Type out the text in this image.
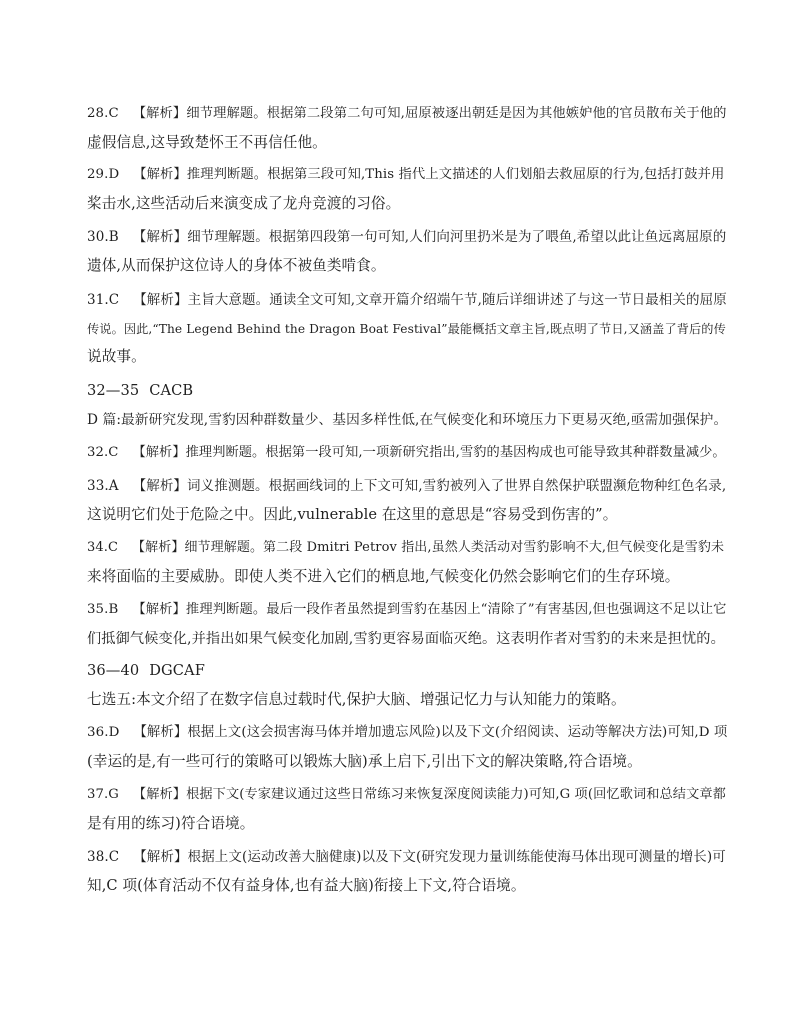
28.C 【解析】细节理解题。根据第二段第二句可知,屈原被逐出朝廷是因为其他嫉妒他的官员散布关于他的
虚假信息,这导致楚怀王不再信任他。
29.D 【解析】推理判断题。根据第三段可知,This 指代上文描述的人们划船去救屈原的行为,包括打鼓并用
桨击水,这些活动后来演变成了龙舟竞渡的习俗。
30.B 【解析】细节理解题。根据第四段第一句可知,人们向河里扔米是为了喂鱼,希望以此让鱼远离屈原的
遗体,从而保护这位诗人的身体不被鱼类啃食。
31.C 【解析】主旨大意题。通读全文可知,文章开篇介绍端午节,随后详细讲述了与这一节日最相关的屈原
传说。因此,“The Legend Behind the Dragon Boat Festival”最能概括文章主旨,既点明了节日,又涵盖了背后的传
说故事。
32—35 CACB
D 篇:最新研究发现,雪豹因种群数量少、基因多样性低,在气候变化和环境压力下更易灭绝,亟需加强保护。
32.C 【解析】推理判断题。根据第一段可知,一项新研究指出,雪豹的基因构成也可能导致其种群数量减少。
33.A 【解析】词义推测题。根据画线词的上下文可知,雪豹被列入了世界自然保护联盟濒危物种红色名录,
这说明它们处于危险之中。因此,vulnerable 在这里的意思是“容易受到伤害的”。
34.C 【解析】细节理解题。第二段 Dmitri Petrov 指出,虽然人类活动对雪豹影响不大,但气候变化是雪豹未
来将面临的主要威胁。即使人类不进入它们的栖息地,气候变化仍然会影响它们的生存环境。
35.B 【解析】推理判断题。最后一段作者虽然提到雪豹在基因上“清除了”有害基因,但也强调这不足以让它
们抵御气候变化,并指出如果气候变化加剧,雪豹更容易面临灭绝。这表明作者对雪豹的未来是担忧的。
36—40 DGCAF
七选五:本文介绍了在数字信息过载时代,保护大脑、增强记忆力与认知能力的策略。
36.D 【解析】根据上文(这会损害海马体并增加遗忘风险)以及下文(介绍阅读、运动等解决方法)可知,D 项
(幸运的是,有一些可行的策略可以锻炼大脑)承上启下,引出下文的解决策略,符合语境。
37.G 【解析】根据下文(专家建议通过这些日常练习来恢复深度阅读能力)可知,G 项(回忆歌词和总结文章都
是有用的练习)符合语境。
38.C 【解析】根据上文(运动改善大脑健康)以及下文(研究发现力量训练能使海马体出现可测量的增长)可
知,C 项(体育活动不仅有益身体,也有益大脑)衔接上下文,符合语境。
